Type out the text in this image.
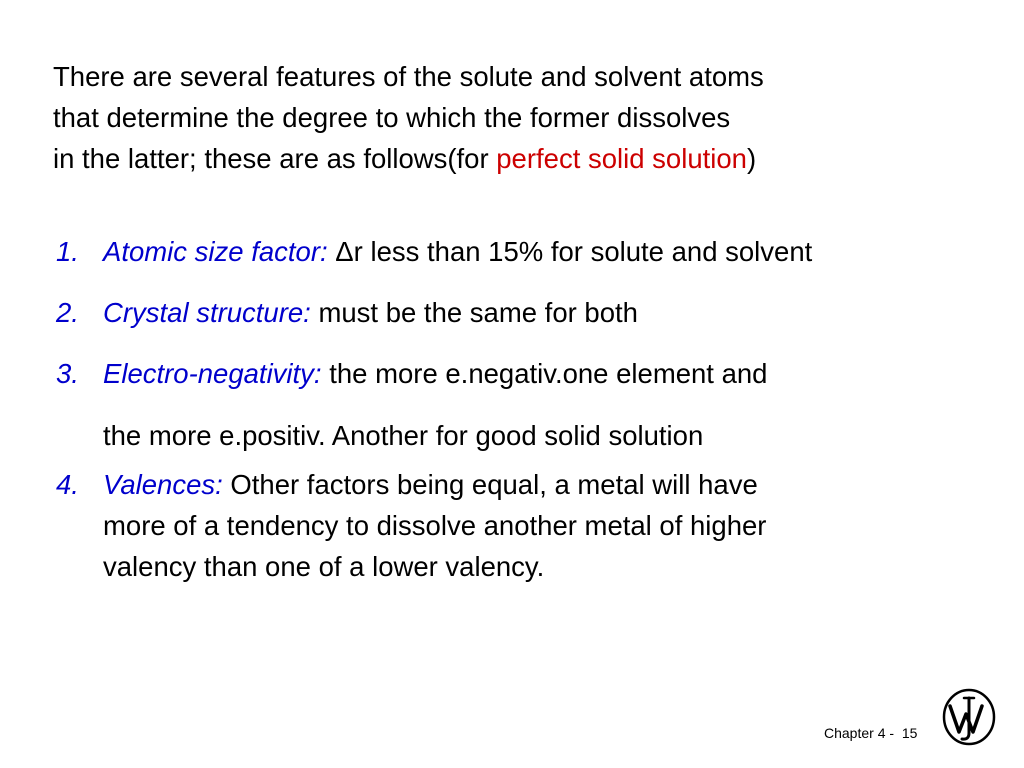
There are several features of the solute and solvent atoms
that determine the degree to which the former dissolves
in the latter; these are as follows(for perfect solid solution)
1. Atomic size factor: Δr less than 15% for solute and solvent
2. Crystal structure: must be the same for both
3. Electro-negativity: the more e.negativ.one element and
the more e.positiv. Another for good solid solution
4. Valences: Other factors being equal, a metal will have
more of a tendency to dissolve another metal of higher
valency than one of a lower valency.
Chapter 4 - 15
